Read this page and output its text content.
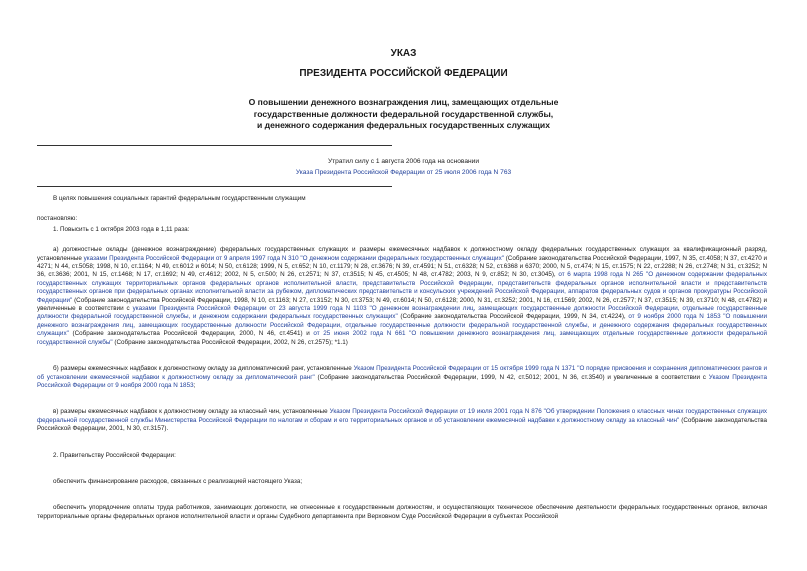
УКАЗ
ПРЕЗИДЕНТА РОССИЙСКОЙ ФЕДЕРАЦИИ
О повышении денежного вознаграждения лиц, замещающих отдельные
государственные должности федеральной государственной службы,
и денежного содержания федеральных государственных служащих
Утратил силу с 1 августа 2006 года на основании
Указа Президента Российской Федерации от 25 июля 2006 года N 763

В целях повышения социальных гарантий федеральным государственным служащим

постановляю:

1. Повысить с 1 октября 2003 года в 1,11 раза:

а) должностные оклады (денежное вознаграждение) федеральных государственных служащих и размеры ежемесячных надбавок к должностному окладу федеральных государственных служащих за квалификационный разряд, установленные указами Президента Российской Федерации от 9 апреля 1997 года N 310 "О денежном содержании федеральных государственных служащих" (Собрание законодательства Российской Федерации, 1997, N 35, ст.4058; N 37, ст.4270 и 4271; N 44, ст.5058; 1998, N 10, ст.1164; N 49, ст.6012 и 6014; N 50, ст.6128; 1999, N 5, ст.652; N 10, ст.1179; N 28, ст.3676; N 39, ст.4591; N 51, ст.6328; N 52, ст.6368 и 6370; 2000, N 5, ст.474; N 15, ст.1575; N 22, ст.2288; N 26, ст.2748; N 31, ст.3252; N 36, ст.3636; 2001, N 15, ст.1468; N 17, ст.1692; N 49, ст.4612; 2002, N 5, ст.500; N 26, ст.2571; N 37, ст.3515; N 45, ст.4505; N 48, ст.4782; 2003, N 9, ст.852; N 30, ст.3045), от 6 марта 1998 года N 265 "О денежном содержании федеральных государственных служащих территориальных органов федеральных органов исполнительной власти, представительств Российской Федерации, представительств федеральных органов исполнительной власти и представительств государственных органов при федеральных органах исполнительной власти за рубежом, дипломатических представительств и консульских учреждений Российской Федерации, аппаратов федеральных судов и органов прокуратуры Российской Федерации" (Собрание законодательства Российской Федерации, 1998, N 10, ст.1163; N 27, ст.3152; N 30, ст.3753; N 49, ст.6014; N 50, ст.6128; 2000, N 31, ст.3252; 2001, N 16, ст.1569; 2002, N 26, ст.2577; N 37, ст.3515; N 39, ст.3710; N 48, ст.4782) и увеличенные в соответствии с указами Президента Российской Федерации от 23 августа 1999 года N 1103 "О денежном вознаграждении лиц, замещающих государственные должности Российской Федерации, отдельные государственные должности федеральной государственной службы, и денежном содержании федеральных государственных служащих" (Собрание законодательства Российской Федерации, 1999, N 34, ст.4224), от 9 ноября 2000 года N 1853 "О повышении денежного вознаграждения лиц, замещающих государственные должности Российской Федерации, отдельные государственные должности федеральной государственной службы, и денежного содержания федеральных государственных служащих" (Собрание законодательства Российской Федерации, 2000, N 46, ст.4541) и от 25 июня 2002 года N 661 "О повышении денежного вознаграждения лиц, замещающих отдельные государственные должности федеральной государственной службы" (Собрание законодательства Российской Федерации, 2002, N 26, ст.2575); *1.1)

б) размеры ежемесячных надбавок к должностному окладу за дипломатический ранг, установленные Указом Президента Российской Федерации от 15 октября 1999 года N 1371 "О порядке присвоения и сохранения дипломатических рангов и об установлении ежемесячной надбавки к должностному окладу за дипломатический ранг" (Собрание законодательства Российской Федерации, 1999, N 42, ст.5012; 2001, N 36, ст.3540) и увеличенные в соответствии с Указом Президента Российской Федерации от 9 ноября 2000 года N 1853;

в) размеры ежемесячных надбавок к должностному окладу за классный чин, установленные Указом Президента Российской Федерации от 19 июля 2001 года N 876 "Об утверждении Положения о классных чинах государственных служащих федеральной государственной службы Министерства Российской Федерации по налогам и сборам и его территориальных органов и об установлении ежемесячной надбавки к должностному окладу за классный чин" (Собрание законодательства Российской Федерации, 2001, N 30, ст.3157).

2. Правительству Российской Федерации:

обеспечить финансирование расходов, связанных с реализацией настоящего Указа;

обеспечить упорядочение оплаты труда работников, занимающих должности, не отнесенные к государственным должностям, и осуществляющих техническое обеспечение деятельности федеральных государственных органов, включая территориальные органы федеральных органов исполнительной власти и органы Судебного департамента при Верховном Суде Российской Федерации в субъектах Российской
